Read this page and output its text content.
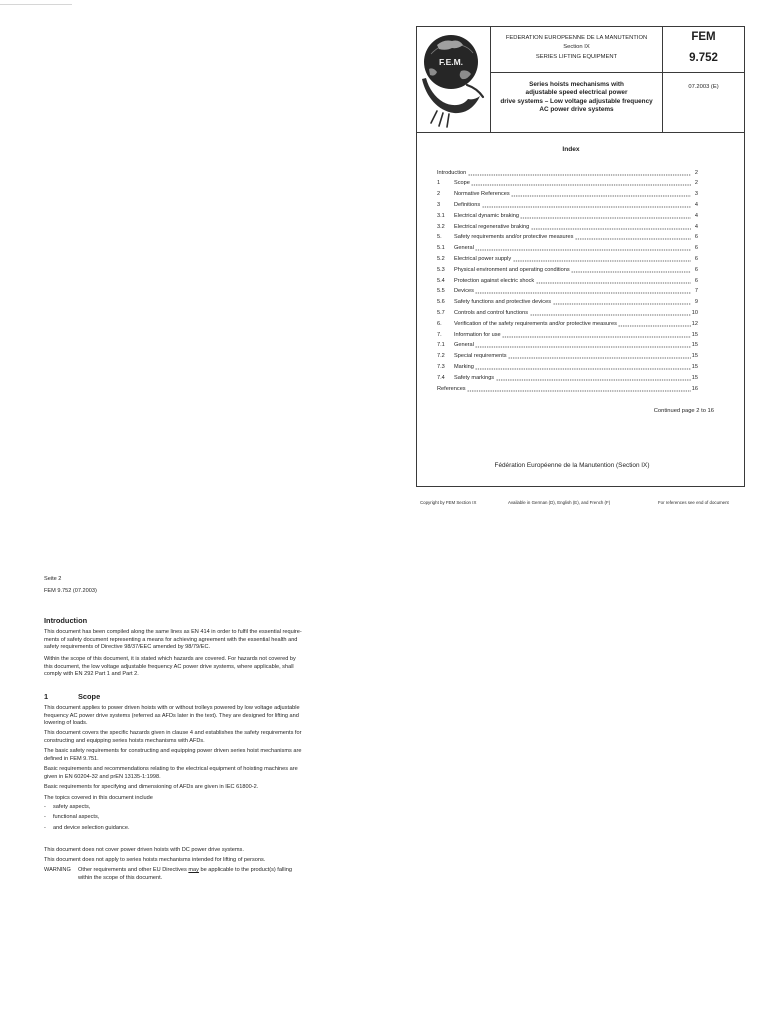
F.E.M.
FEDERATION EUROPEENNE DE LA MANUTENTION
Section IX
SERIES LIFTING EQUIPMENT
Series hoists mechanisms with
adjustable speed electrical power
drive systems – Low voltage adjustable frequency
AC power drive systems
FEM
9.752
07.2003 (E)
Index
Introduction	2
1	Scope	2
2	Normative References	3
3	Definitions	4
3.1	Electrical dynamic braking	4
3.2	Electrical regenerative braking	4
5.	Safety requirements and/or protective measures	6
5.1	General	6
5.2	Electrical power supply	6
5.3	Physical environment and operating conditions	6
5.4	Protection against electric shock	6
5.5	Devices	7
5.6	Safety functions and protective devices	9
5.7	Controls and control functions	10
6.	Verification of the safety requirements and/or protective measures	12
7.	Information for use	15
7.1	General	15
7.2	Special requirements	15
7.3	Marking	15
7.4	Safety markings	15
References	16
Continued page 2 to 16
Fédération Européenne de la Manutention (Section IX)
Copyright by FEM Section IX	Available in German (D), English (E), and French (F)	For references see end of document
Seite 2
FEM 9.752 (07.2003)
Introduction
This document has been compiled along the same lines as EN 414 in order to fulfil the essential require-
ments of safety document representing a means for achieving agreement with the essential health and
safety requirements of Directive 98/37/EEC amended by 98/79/EC.
Within the scope of this document, it is stated which hazards are covered. For hazards not covered by
this document, the low voltage adjustable frequency AC power drive systems, where applicable, shall
comply with EN 292 Part 1 and Part 2.
1	Scope
This document applies to power driven hoists with or without trolleys powered by low voltage adjustable
frequency AC power drive systems (referred as AFDs later in the text). They are designed for lifting and
lowering of loads.
This document covers the specific hazards given in clause 4 and establishes the safety requirements for
constructing and equipping series hoists mechanisms with AFDs.
The basic safety requirements for constructing and equipping power driven series hoist mechanisms are
defined in FEM 9.751.
Basic requirements and recommendations relating to the electrical equipment of hoisting machines are
given in EN 60204-32 and prEN 13135-1:1998.
Basic requirements for specifying and dimensioning of AFDs are given in IEC 61800-2.
The topics covered in this document include
- safety aspects,
- functional aspects,
- and device selection guidance.
This document does not cover power driven hoists with DC power drive systems.
This document does not apply to series hoists mechanisms intended for lifting of persons.
WARNING Other requirements and other EU Directives may be applicable to the product(s) falling
within the scope of this document.
